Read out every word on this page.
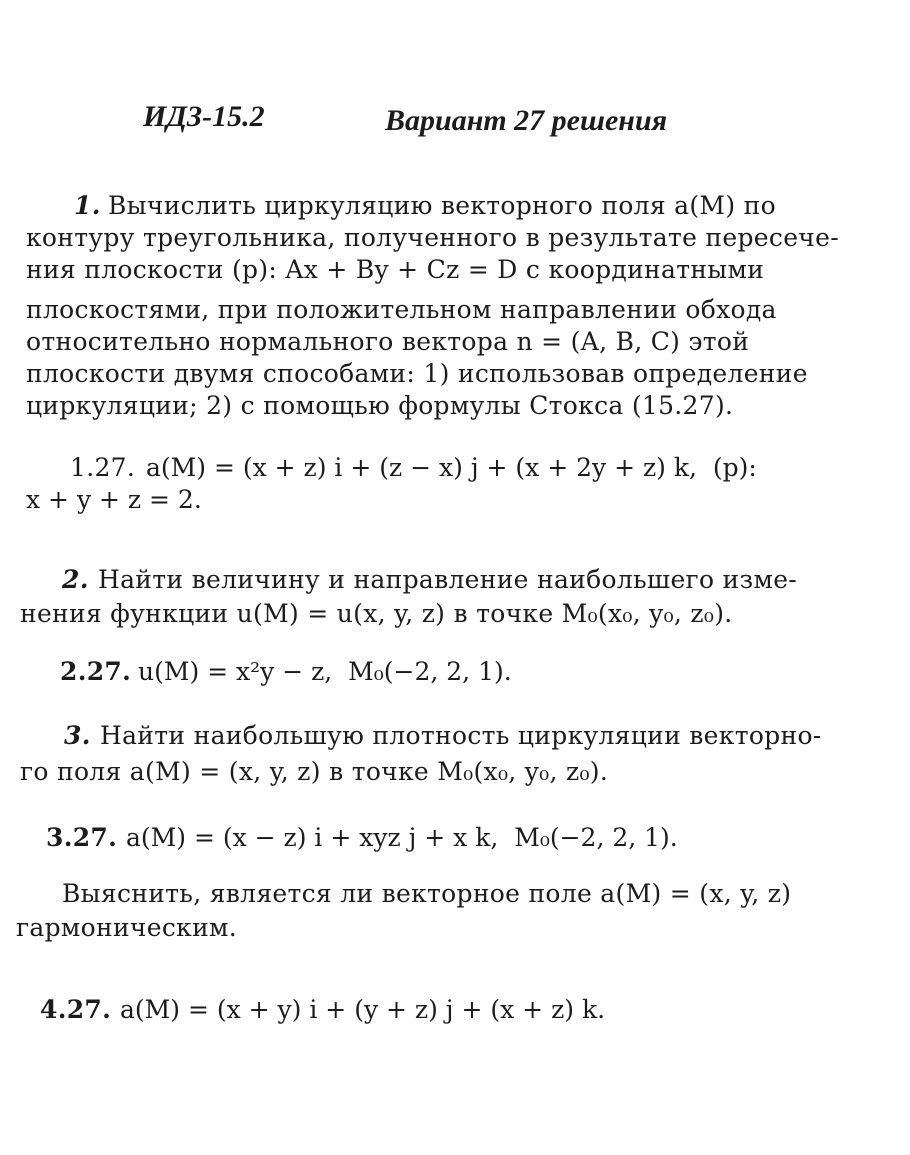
ИДЗ-15.2	Вариант 27 решения
1. Вычислить циркуляцию векторного поля a(M) по
контуру треугольника, полученного в результате пересече-
ния плоскости (p): Ax + By + Cz = D с координатными
плоскостями, при положительном направлении обхода
относительно нормального вектора n = (A, B, C) этой
плоскости двумя способами: 1) использовав определение
циркуляции; 2) с помощью формулы Стокса (15.27).
1.27. a(M) = (x + z) i + (z − x) j + (x + 2y + z) k,  (p):
x + y + z = 2.
2. Найти величину и направление наибольшего изме-
нения функции u(M) = u(x, y, z) в точке M₀(x₀, y₀, z₀).
2.27. u(M) = x²y − z,  M₀(−2, 2, 1).
3. Найти наибольшую плотность циркуляции векторно-
го поля a(M) = (x, y, z) в точке M₀(x₀, y₀, z₀).
3.27. a(M) = (x − z) i + xyz j + x k,  M₀(−2, 2, 1).
Выяснить, является ли векторное поле a(M) = (x, y, z)
гармоническим.
4.27. a(M) = (x + y) i + (y + z) j + (x + z) k.
